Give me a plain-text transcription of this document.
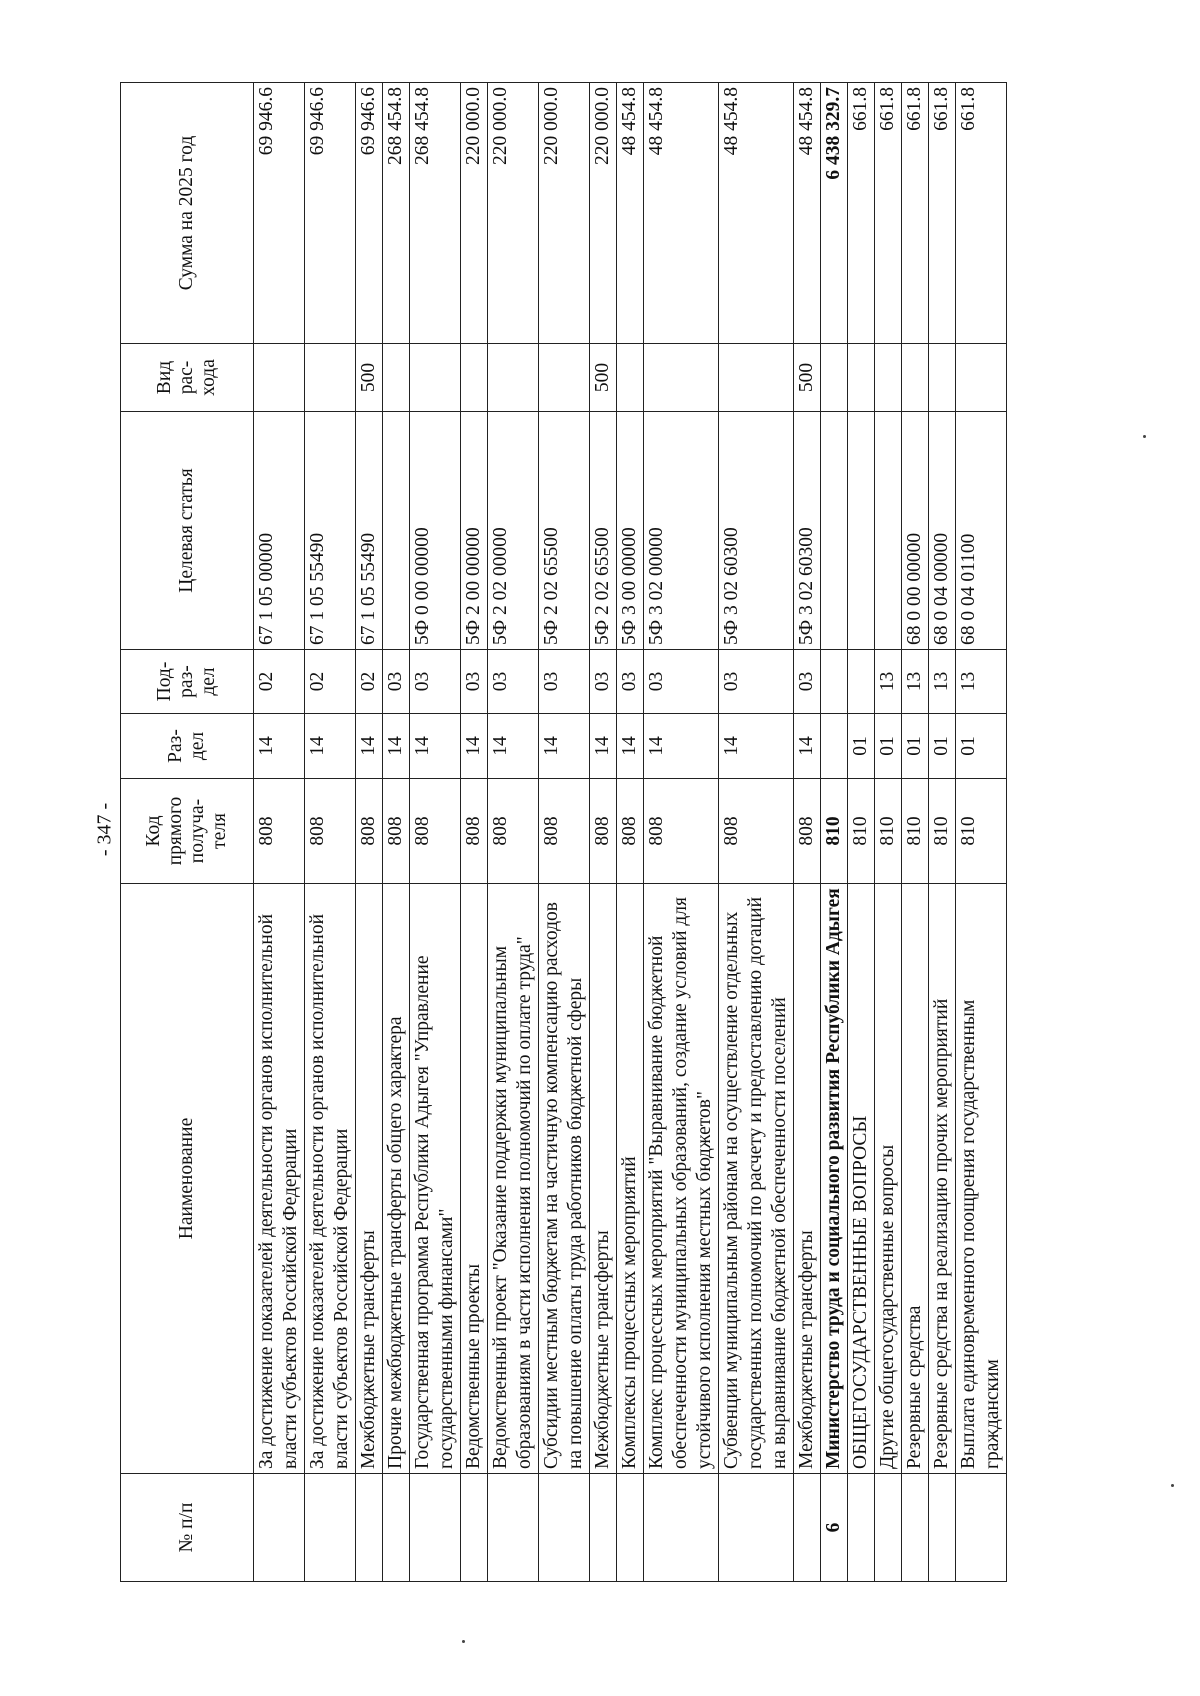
- 347 -
№ п/п	Наименование	Код прямого получа-теля	Раз-дел	Под-раз-дел	Целевая статья	Вид рас-хода	Сумма на 2025 год
	За достижение показателей деятельности органов исполнительной власти субъектов Российской Федерации	808	14	02	67 1 05 00000		69 946.6
	За достижение показателей деятельности органов исполнительной власти субъектов Российской Федерации	808	14	02	67 1 05 55490		69 946.6
	Межбюджетные трансферты	808	14	02	67 1 05 55490	500	69 946.6
	Прочие межбюджетные трансферты общего характера	808	14	03			268 454.8
	Государственная программа Республики Адыгея "Управление государственными финансами"	808	14	03	5Ф 0 00 00000		268 454.8
	Ведомственные проекты	808	14	03	5Ф 2 00 00000		220 000.0
	Ведомственный проект "Оказание поддержки муниципальным образованиям в части исполнения полномочий по оплате труда"	808	14	03	5Ф 2 02 00000		220 000.0
	Субсидии местным бюджетам на частичную компенсацию расходов на повышение оплаты труда работников бюджетной сферы	808	14	03	5Ф 2 02 65500		220 000.0
	Межбюджетные трансферты	808	14	03	5Ф 2 02 65500	500	220 000.0
	Комплексы процессных мероприятий	808	14	03	5Ф 3 00 00000		48 454.8
	Комплекс процессных мероприятий "Выравнивание бюджетной обеспеченности муниципальных образований, создание условий для устойчивого исполнения местных бюджетов"	808	14	03	5Ф 3 02 00000		48 454.8
	Субвенции муниципальным районам на осуществление отдельных государственных полномочий по расчету и предоставлению дотаций на выравнивание бюджетной обеспеченности поселений	808	14	03	5Ф 3 02 60300		48 454.8
	Межбюджетные трансферты	808	14	03	5Ф 3 02 60300	500	48 454.8
6	Министерство труда и социального развития Республики Адыгея	810					6 438 329.7
	ОБЩЕГОСУДАРСТВЕННЫЕ ВОПРОСЫ	810	01				661.8
	Другие общегосударственные вопросы	810	01	13			661.8
	Резервные средства	810	01	13	68 0 00 00000		661.8
	Резервные средства на реализацию прочих мероприятий	810	01	13	68 0 04 00000		661.8
	Выплата единовременного поощрения государственным гражданским	810	01	13	68 0 04 01100		661.8
